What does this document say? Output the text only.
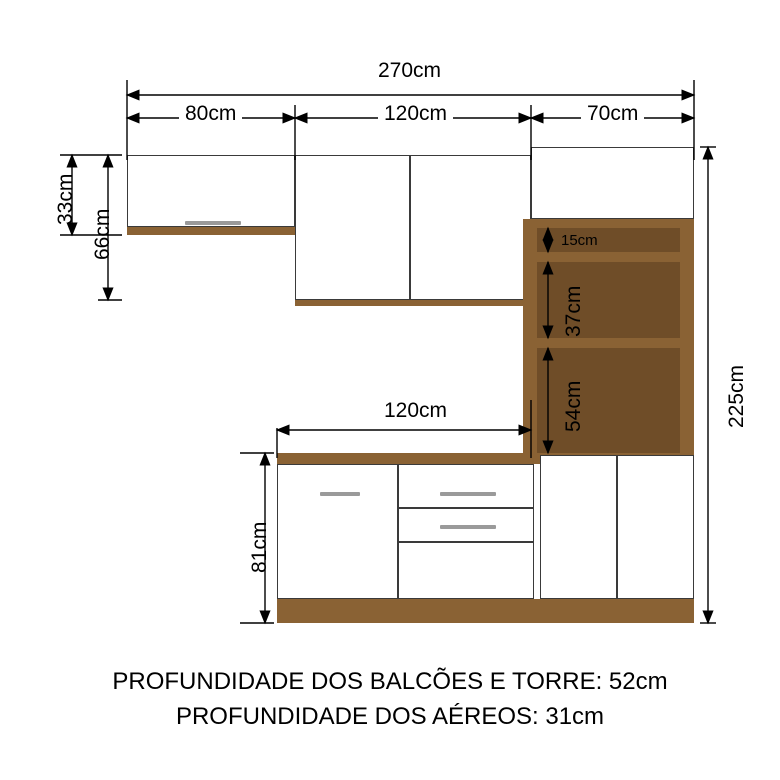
270cm
80cm	120cm	70cm
33cm
66cm	15cm
37cm
54cm	225cm
120cm
81cm
PROFUNDIDADE DOS BALCÕES E TORRE: 52cm
PROFUNDIDADE DOS AÉREOS: 31cm
